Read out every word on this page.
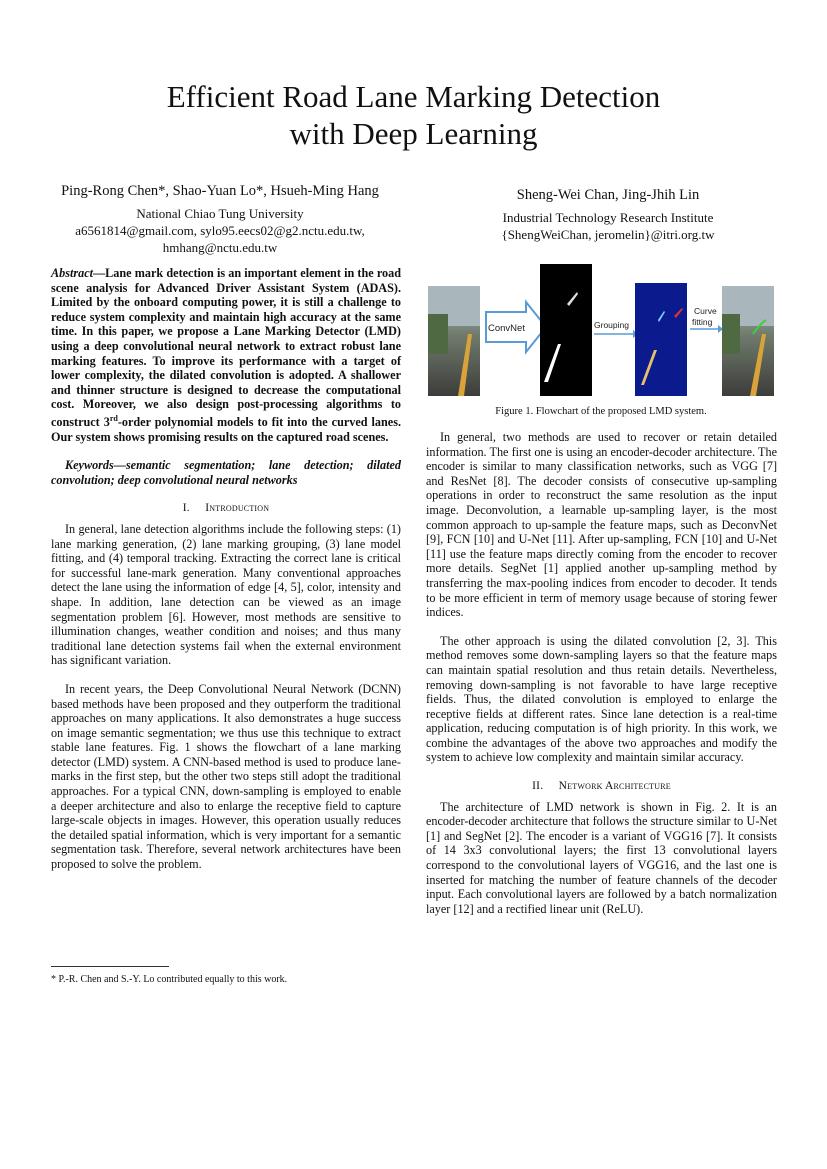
Efficient Road Lane Marking Detection
with Deep Learning
Ping-Rong Chen*, Shao-Yuan Lo*, Hsueh-Ming Hang
National Chiao Tung University
a6561814@gmail.com, sylo95.eecs02@g2.nctu.edu.tw,
hmhang@nctu.edu.tw
Sheng-Wei Chan, Jing-Jhih Lin
Industrial Technology Research Institute
{ShengWeiChan, jeromelin}@itri.org.tw

Abstract—Lane mark detection is an important element in the road scene analysis for Advanced Driver Assistant System (ADAS). Limited by the onboard computing power, it is still a challenge to reduce system complexity and maintain high accuracy at the same time. In this paper, we propose a Lane Marking Detector (LMD) using a deep convolutional neural network to extract robust lane marking features. To improve its performance with a target of lower complexity, the dilated convolution is adopted. A shallower and thinner structure is designed to decrease the computational cost. Moreover, we also design post-processing algorithms to construct 3rd-order polynomial models to fit into the curved lanes. Our system shows promising results on the captured road scenes.

Keywords—semantic segmentation; lane detection; dilated convolution; deep convolutional neural networks

I. Introduction

In general, lane detection algorithms include the following steps: (1) lane marking generation, (2) lane marking grouping, (3) lane model fitting, and (4) temporal tracking. Extracting the correct lane is critical for successful lane-mark generation. Many conventional approaches detect the lane using the information of edge [4, 5], color, intensity and shape. In addition, lane detection can be viewed as an image segmentation problem [6]. However, most methods are sensitive to illumination changes, weather condition and noises; and thus many traditional lane detection systems fail when the external environment has significant variation.

In recent years, the Deep Convolutional Neural Network (DCNN) based methods have been proposed and they outperform the traditional approaches on many applications. It also demonstrates a huge success on image semantic segmentation; we thus use this technique to extract stable lane features. Fig. 1 shows the flowchart of a lane marking detector (LMD) system. A CNN-based method is used to produce lane-marks in the first step, but the other two steps still adopt the traditional approaches. For a typical CNN, down-sampling is employed to enable a deeper architecture and also to enlarge the receptive field to capture large-scale objects in images. However, this operation usually reduces the detailed spatial information, which is very important for a semantic segmentation task. Therefore, several network architectures have been proposed to solve the problem.

* P.-R. Chen and S.-Y. Lo contributed equally to this work.
ConvNet	Grouping
Curve
fitting
Figure 1. Flowchart of the proposed LMD system.

In general, two methods are used to recover or retain detailed information. The first one is using an encoder-decoder architecture. The encoder is similar to many classification networks, such as VGG [7] and ResNet [8]. The decoder consists of consecutive up-sampling operations in order to reconstruct the same resolution as the input image. Deconvolution, a learnable up-sampling layer, is the most common approach to up-sample the feature maps, such as DeconvNet [9], FCN [10] and U-Net [11]. After up-sampling, FCN [10] and U-Net [11] use the feature maps directly coming from the encoder to recover more details. SegNet [1] applied another up-sampling method by transferring the max-pooling indices from encoder to decoder. It tends to be more efficient in term of memory usage because of storing fewer indices.

The other approach is using the dilated convolution [2, 3]. This method removes some down-sampling layers so that the feature maps can maintain spatial resolution and thus retain details. Nevertheless, removing down-sampling is not favorable to have large receptive fields. Thus, the dilated convolution is employed to enlarge the receptive fields at different rates. Since lane detection is a real-time application, reducing computation is of high priority. In this work, we combine the advantages of the above two approaches and modify the system to achieve low complexity and maintain similar accuracy.

II. Network Architecture

The architecture of LMD network is shown in Fig. 2. It is an encoder-decoder architecture that follows the structure similar to U-Net [1] and SegNet [2]. The encoder is a variant of VGG16 [7]. It consists of 14 3x3 convolutional layers; the first 13 convolutional layers correspond to the convolutional layers of VGG16, and the last one is inserted for matching the number of feature channels of the decoder input. Each convolutional layers are followed by a batch normalization layer [12] and a rectified linear unit (ReLU).
